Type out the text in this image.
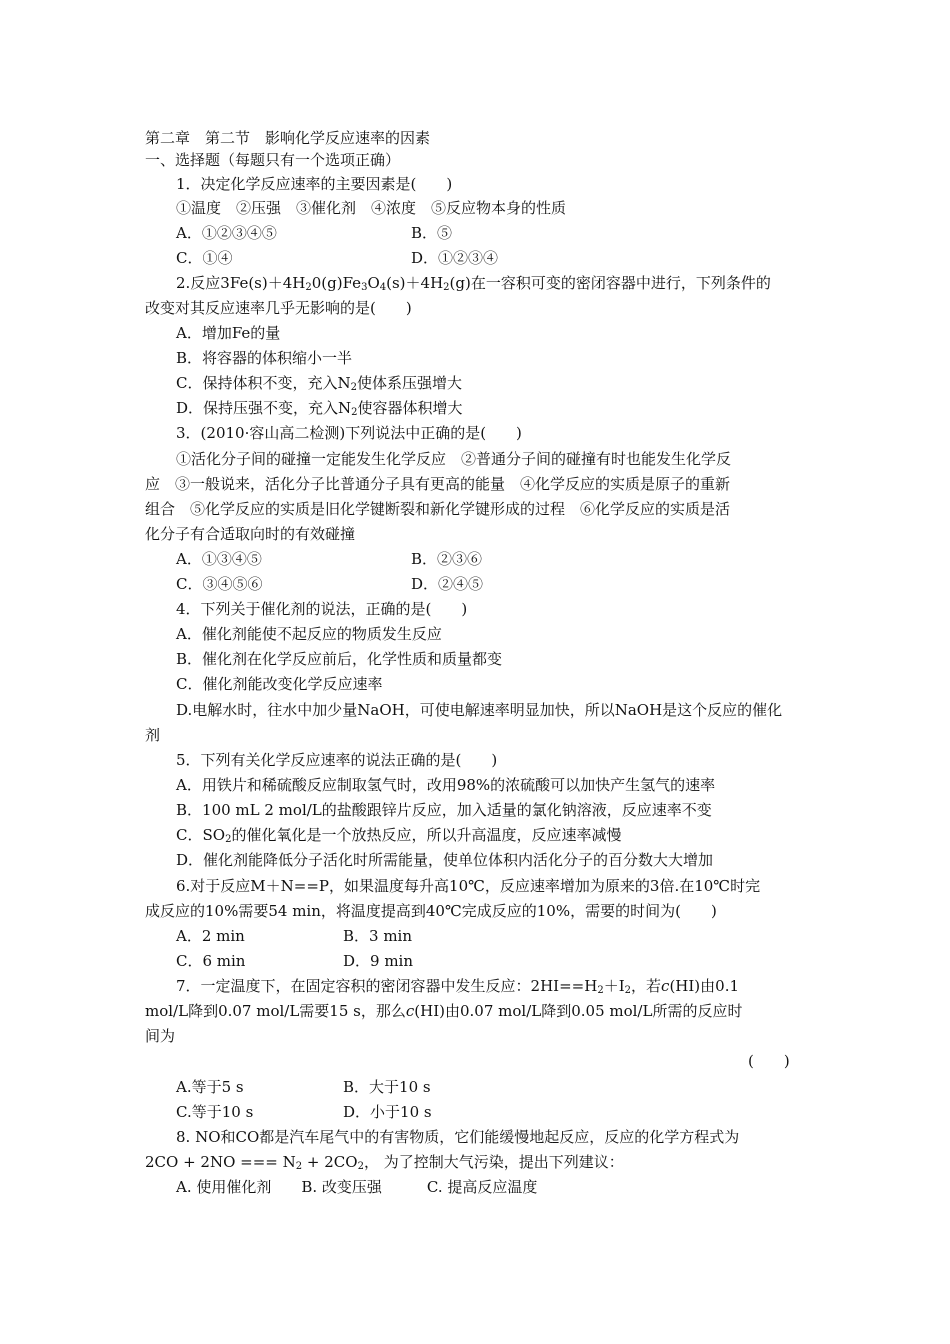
第二章　第二节　影响化学反应速率的因素
一、选择题（每题只有一个选项正确）
1．决定化学反应速率的主要因素是(　　)
①温度　②压强　③催化剂　④浓度　⑤反应物本身的性质
A．①②③④⑤	B．⑤
C．①④	D．①②③④
2.反应$3Fe(s)+4H_20(g)Fe_3O_4(s)+4H_2(g)$在一容积可变的密闭容器中进行，下列条件的
改变对其反应速率几乎无影响的是(　　)
A．增加Fe的量
B．将容器的体积缩小一半
C．保持体积不变，充入$N_2$使体系压强增大
D．保持压强不变，充入$N_2$使容器体积增大
3．(2010·容山高二检测)下列说法中正确的是(　　)
①活化分子间的碰撞一定能发生化学反应　②普通分子间的碰撞有时也能发生化学反
应　③一般说来，活化分子比普通分子具有更高的能量　④化学反应的实质是原子的重新
组合　⑤化学反应的实质是旧化学键断裂和新化学键形成的过程　⑥化学反应的实质是活
化分子有合适取向时的有效碰撞
A．①③④⑤	B．②③⑥
C．③④⑤⑥	D．②④⑤
4．下列关于催化剂的说法，正确的是(　　)
A．催化剂能使不起反应的物质发生反应
B．催化剂在化学反应前后，化学性质和质量都变
C．催化剂能改变化学反应速率
D.电解水时，往水中加少量NaOH，可使电解速率明显加快，所以NaOH是这个反应的催化
剂
5．下列有关化学反应速率的说法正确的是(　　)
A．用铁片和稀硫酸反应制取氢气时，改用98%的浓硫酸可以加快产生氢气的速率
B．100 mL 2 mol/L的盐酸跟锌片反应，加入适量的氯化钠溶液，反应速率不变
C．$SO_2$的催化氧化是一个放热反应，所以升高温度，反应速率减慢
D．催化剂能降低分子活化时所需能量，使单位体积内活化分子的百分数大大增加
6.对于反应M＋N==P，如果温度每升高10℃，反应速率增加为原来的3倍.在10℃时完
成反应的10%需要54 min，将温度提高到40℃完成反应的10%，需要的时间为(　　)
A．2 min	B．3 min
C．6 min	D．9 min
7．一定温度下，在固定容积的密闭容器中发生反应：$2HI==H_2+I_2$，若c(HI)由0.1
mol/L降到0.07 mol/L需要15 s，那么c(HI)由0.07 mol/L降到0.05 mol/L所需的反应时
间为
(　　)
A.等于5 s	B．大于10 s
C.等于10 s	D．小于10 s
8. NO和CO都是汽车尾气中的有害物质，它们能缓慢地起反应，反应的化学方程式为
2CO + 2NO === $N_2 + 2CO_2$， 为了控制大气污染，提出下列建议：
A. 使用催化剂　　B. 改变压强　　　C. 提高反应温度
